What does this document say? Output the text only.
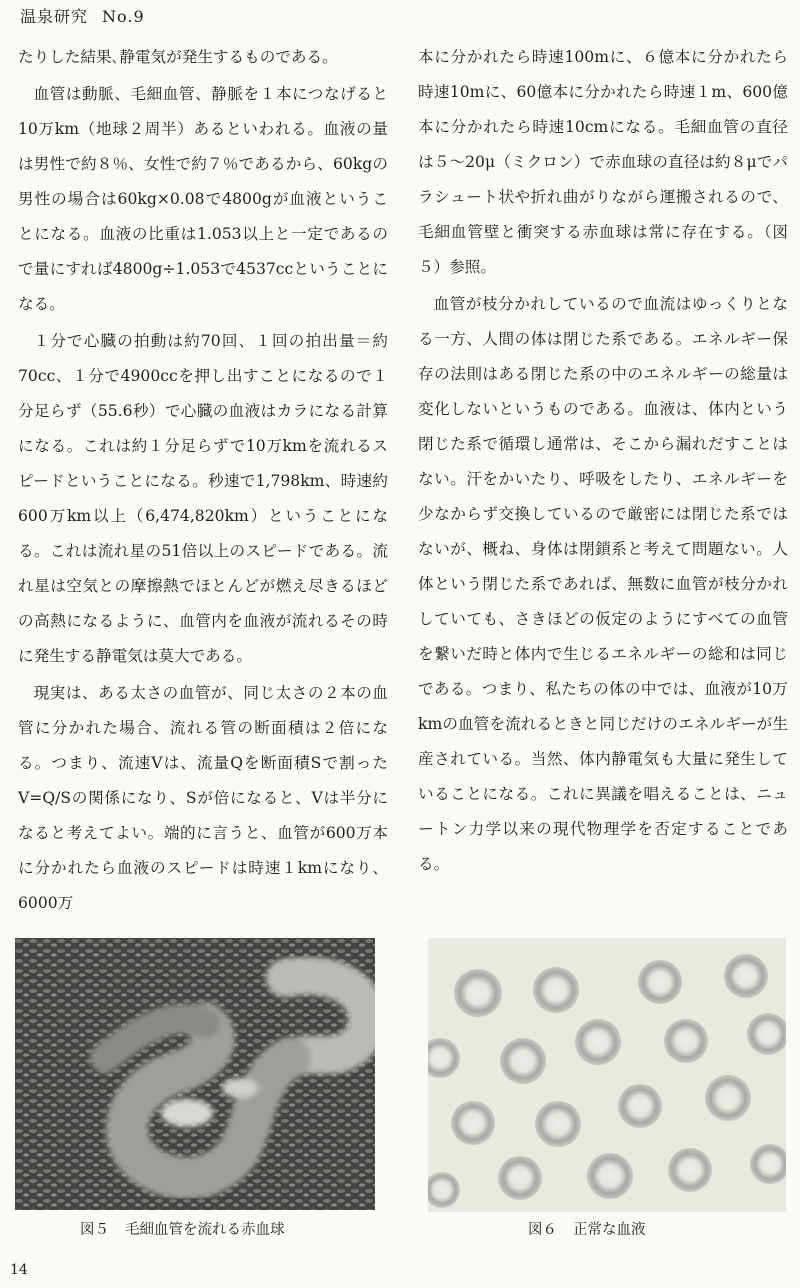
温泉研究 No.9

たりした結果､静電気が発生するものである。

血管は動脈、毛細血管、静脈を１本につなげると10万km（地球２周半）あるといわれる。血液の量は男性で約８％、女性で約７％であるから、60kgの男性の場合は60kg×0.08で4800gが血液ということになる。血液の比重は1.053以上と一定であるので量にすれば4800g÷1.053で4537ccということになる。

１分で心臓の拍動は約70回、１回の拍出量＝約70cc、１分で4900ccを押し出すことになるので１分足らず（55.6秒）で心臓の血液はカラになる計算になる。これは約１分足らずで10万kmを流れるスピードということになる。秒速で1,798km、時速約600万km以上（6,474,820km）ということになる。これは流れ星の51倍以上のスピードである。流れ星は空気との摩擦熱でほとんどが燃え尽きるほどの高熱になるように、血管内を血液が流れるその時に発生する静電気は莫大である。

現実は、ある太さの血管が、同じ太さの２本の血管に分かれた場合、流れる管の断面積は２倍になる。つまり、流速Vは、流量Qを断面積Sで割ったV=Q/Sの関係になり、Sが倍になると、Vは半分になると考えてよい。端的に言うと、血管が600万本に分かれたら血液のスピードは時速１kmになり、6000万

本に分かれたら時速100mに、６億本に分かれたら時速10mに、60億本に分かれたら時速１m、600億本に分かれたら時速10cmになる。毛細血管の直径は５～20μ（ミクロン）で赤血球の直径は約８μでパラシュート状や折れ曲がりながら運搬されるので、毛細血管壁と衝突する赤血球は常に存在する。（図５）参照。

血管が枝分かれしているので血流はゆっくりとなる一方、人間の体は閉じた系である。エネルギー保存の法則はある閉じた系の中のエネルギーの総量は変化しないというものである。血液は、体内という閉じた系で循環し通常は、そこから漏れだすことはない。汗をかいたり、呼吸をしたり、エネルギーを少なからず交換しているので厳密には閉じた系ではないが、概ね、身体は閉鎖系と考えて問題ない。人体という閉じた系であれば、無数に血管が枝分かれしていても、さきほどの仮定のようにすべての血管を繋いだ時と体内で生じるエネルギーの総和は同じである。つまり、私たちの体の中では、血液が10万kmの血管を流れるときと同じだけのエネルギーが生産されている。当然、体内静電気も大量に発生していることになる。これに異議を唱えることは、ニュートン力学以来の現代物理学を否定することである。

図５ 毛細血管を流れる赤血球	図６ 正常な血液
14
